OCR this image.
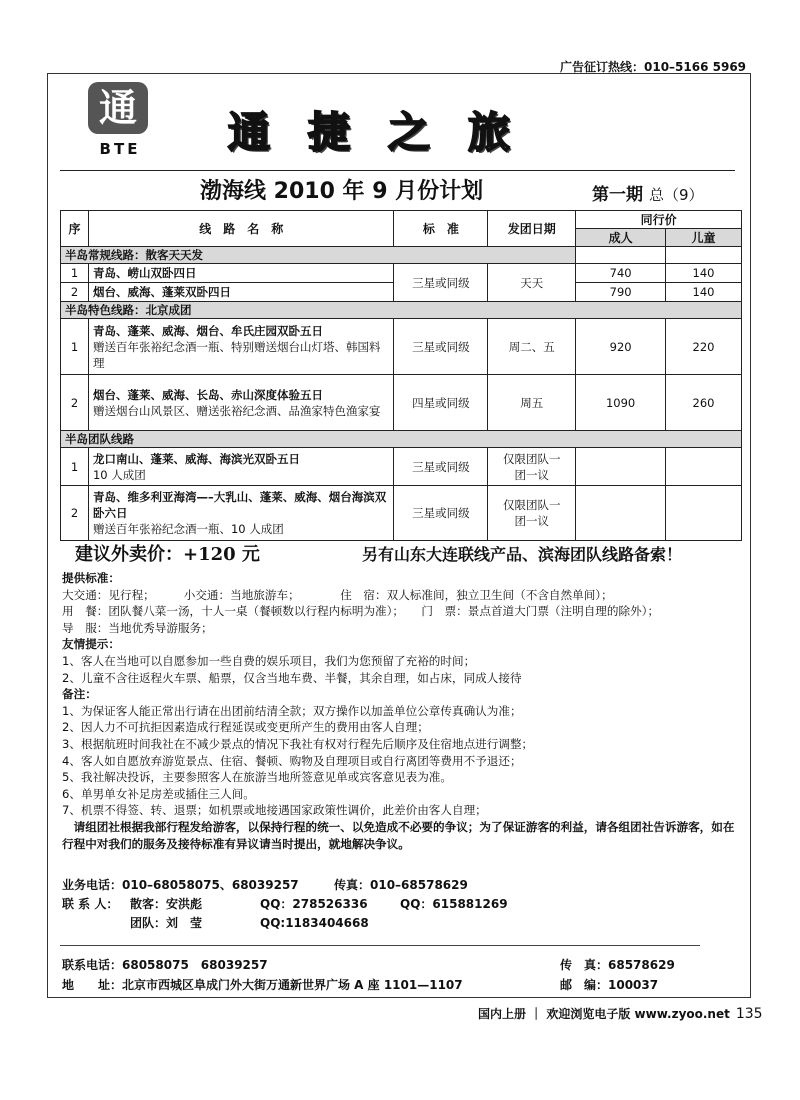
广告征订热线：010–5166 5969
通
BTE 通捷之旅
渤海线 2010 年 9 月份计划	第一期 总（9）
序	线　路　名　称	标　准	发团日期	同行价	
				成人	儿童
半岛常规线路：散客天天发					
1	青岛、崂山双卧四日	三星或同级	天天	740	140
2	烟台、威海、蓬莱双卧四日			790	140
半岛特色线路：北京成团					
1	青岛、蓬莱、威海、烟台、牟氏庄园双卧五日
赠送百年张裕纪念酒一瓶、特别赠送烟台山灯塔、韩国料理	三星或同级	周二、五	920	220
2	烟台、蓬莱、威海、长岛、赤山深度体验五日
赠送烟台山风景区、赠送张裕纪念酒、品渔家特色渔家宴	四星或同级	周五	1090	260
半岛团队线路					
1	龙口南山、蓬莱、威海、海滨光双卧五日
10 人成团	三星或同级	仅限团队一团一议		
2	青岛、维多利亚海湾—–大乳山、蓬莱、威海、烟台海滨双卧六日
赠送百年张裕纪念酒一瓶、10 人成团	三星或同级	仅限团队一团一议		
建议外卖价：+120 元	另有山东大连联线产品、滨海团队线路备索！
提供标准：
大交通：见行程；　　　小交通：当地旅游车；　　　　住　宿：双人标准间，独立卫生间（不含自然单间）；
用　餐：团队餐八菜一汤，十人一桌（餐顿数以行程内标明为准）；　　门　票：景点首道大门票（注明自理的除外）；
导　服：当地优秀导游服务；
友情提示：
1、客人在当地可以自愿参加一些自费的娱乐项目，我们为您预留了充裕的时间；
2、儿童不含往返程火车票、船票，仅含当地车费、半餐，其余自理，如占床，同成人接待
备注：
1、为保证客人能正常出行请在出团前结清全款；双方操作以加盖单位公章传真确认为准；
2、因人力不可抗拒因素造成行程延误或变更所产生的费用由客人自理；
3、根据航班时间我社在不减少景点的情况下我社有权对行程先后顺序及住宿地点进行调整；
4、客人如自愿放弃游览景点、住宿、餐顿、购物及自理项目或自行离团等费用不予退还；
5、我社解决投诉，主要参照客人在旅游当地所签意见单或宾客意见表为准。
6、单男单女补足房差或插住三人间。
7、机票不得签、转、退票；如机票或地接遇国家政策性调价，此差价由客人自理；
请组团社根据我部行程发给游客，以保持行程的统一、以免造成不必要的争议；为了保证游客的利益，请各组团社告诉游客，如在行程中对我们的服务及接待标准有异议请当时提出，就地解决争议。
业务电话：010–68058075、68039257	传真：010–68578629
联 系 人： 散客：安洪彪	QQ：278526336	QQ：615881269
团队：刘　莹	QQ:1183404668
联系电话：68058075　68039257	传　真：68578629
地　　址：北京市西城区阜成门外大街万通新世界广场 A 座 1101—1107	邮　编：100037
国内上册 ｜ 欢迎浏览电子版 www.zyoo.net 135
